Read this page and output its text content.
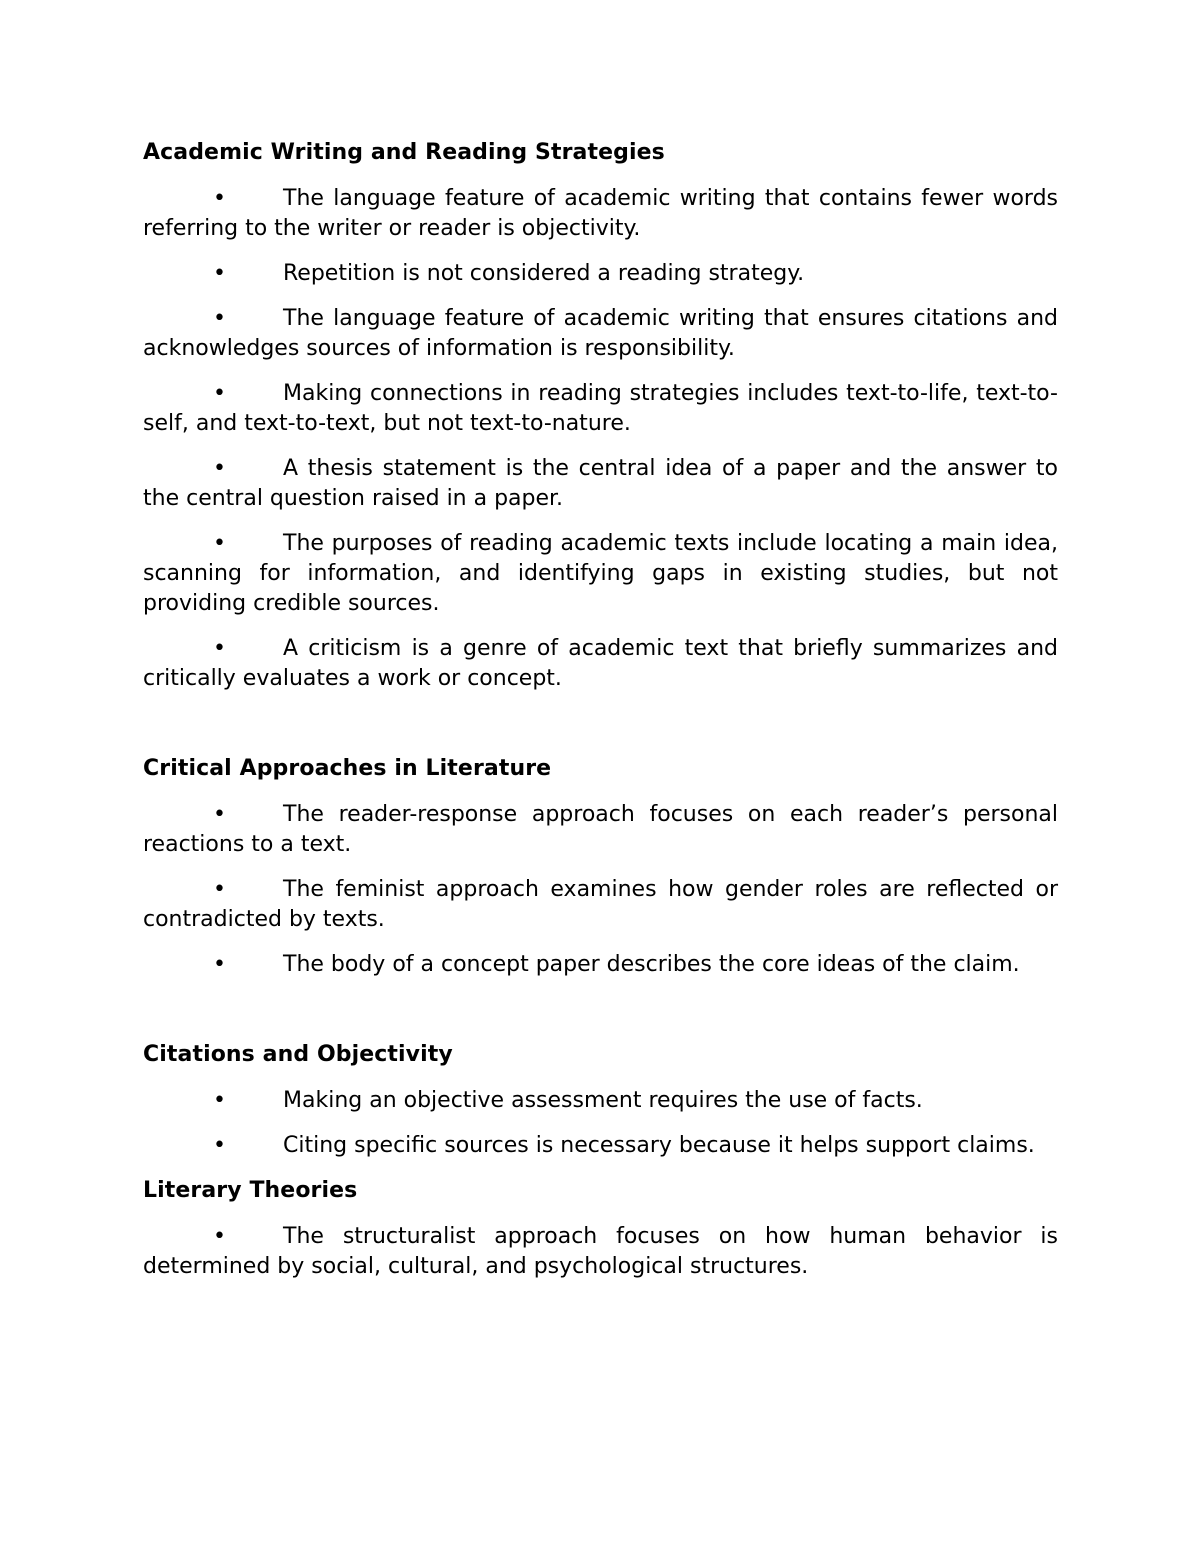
Academic Writing and Reading Strategies
•	The language feature of academic writing that contains fewer words referring to the writer or reader is objectivity.
•	Repetition is not considered a reading strategy.
•	The language feature of academic writing that ensures citations and acknowledges sources of information is responsibility.
•	Making connections in reading strategies includes text-to-life, text-to-self, and text-to-text, but not text-to-nature.
•	A thesis statement is the central idea of a paper and the answer to the central question raised in a paper.
•	The purposes of reading academic texts include locating a main idea, scanning for information, and identifying gaps in existing studies, but not providing credible sources.
•	A criticism is a genre of academic text that briefly summarizes and critically evaluates a work or concept.
Critical Approaches in Literature
•	The reader-response approach focuses on each reader’s personal reactions to a text.
•	The feminist approach examines how gender roles are reflected or contradicted by texts.
•	The body of a concept paper describes the core ideas of the claim.
Citations and Objectivity
•	Making an objective assessment requires the use of facts.
•	Citing specific sources is necessary because it helps support claims.
Literary Theories
•	The structuralist approach focuses on how human behavior is determined by social, cultural, and psychological structures.
